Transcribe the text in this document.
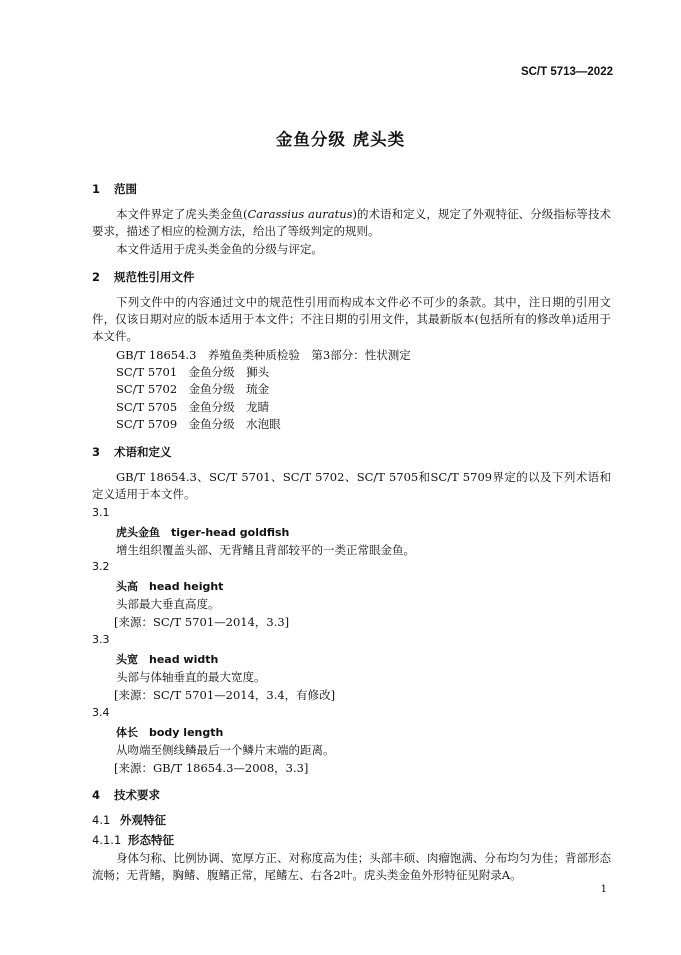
SC/T 5713—2022
金鱼分级 虎头类
1 范围
本文件界定了虎头类金鱼(Carassius auratus)的术语和定义，规定了外观特征、分级指标等技术要求，描述了相应的检测方法，给出了等级判定的规则。
本文件适用于虎头类金鱼的分级与评定。
2 规范性引用文件
下列文件中的内容通过文中的规范性引用而构成本文件必不可少的条款。其中，注日期的引用文件，仅该日期对应的版本适用于本文件；不注日期的引用文件，其最新版本(包括所有的修改单)适用于本文件。
GB/T 18654.3　养殖鱼类种质检验　第3部分：性状测定
SC/T 5701　金鱼分级　狮头
SC/T 5702　金鱼分级　琉金
SC/T 5705　金鱼分级　龙睛
SC/T 5709　金鱼分级　水泡眼
3 术语和定义
GB/T 18654.3、SC/T 5701、SC/T 5702、SC/T 5705和SC/T 5709界定的以及下列术语和定义适用于本文件。
3.1
虎头金鱼　tiger-head goldfish
增生组织覆盖头部、无背鳍且背部较平的一类正常眼金鱼。
3.2
头高　head height
头部最大垂直高度。
[来源：SC/T 5701—2014，3.3]
3.3
头宽　head width
头部与体轴垂直的最大宽度。
[来源：SC/T 5701—2014，3.4，有修改]
3.4
体长　body length
从吻端至侧线鳞最后一个鳞片末端的距离。
[来源：GB/T 18654.3—2008，3.3]
4 技术要求
4.1 外观特征
4.1.1 形态特征
身体匀称、比例协调、宽厚方正、对称度高为佳；头部丰硕、肉瘤饱满、分布均匀为佳；背部形态流畅；无背鳍，胸鳍、腹鳍正常，尾鳍左、右各2叶。虎头类金鱼外形特征见附录A。
1
